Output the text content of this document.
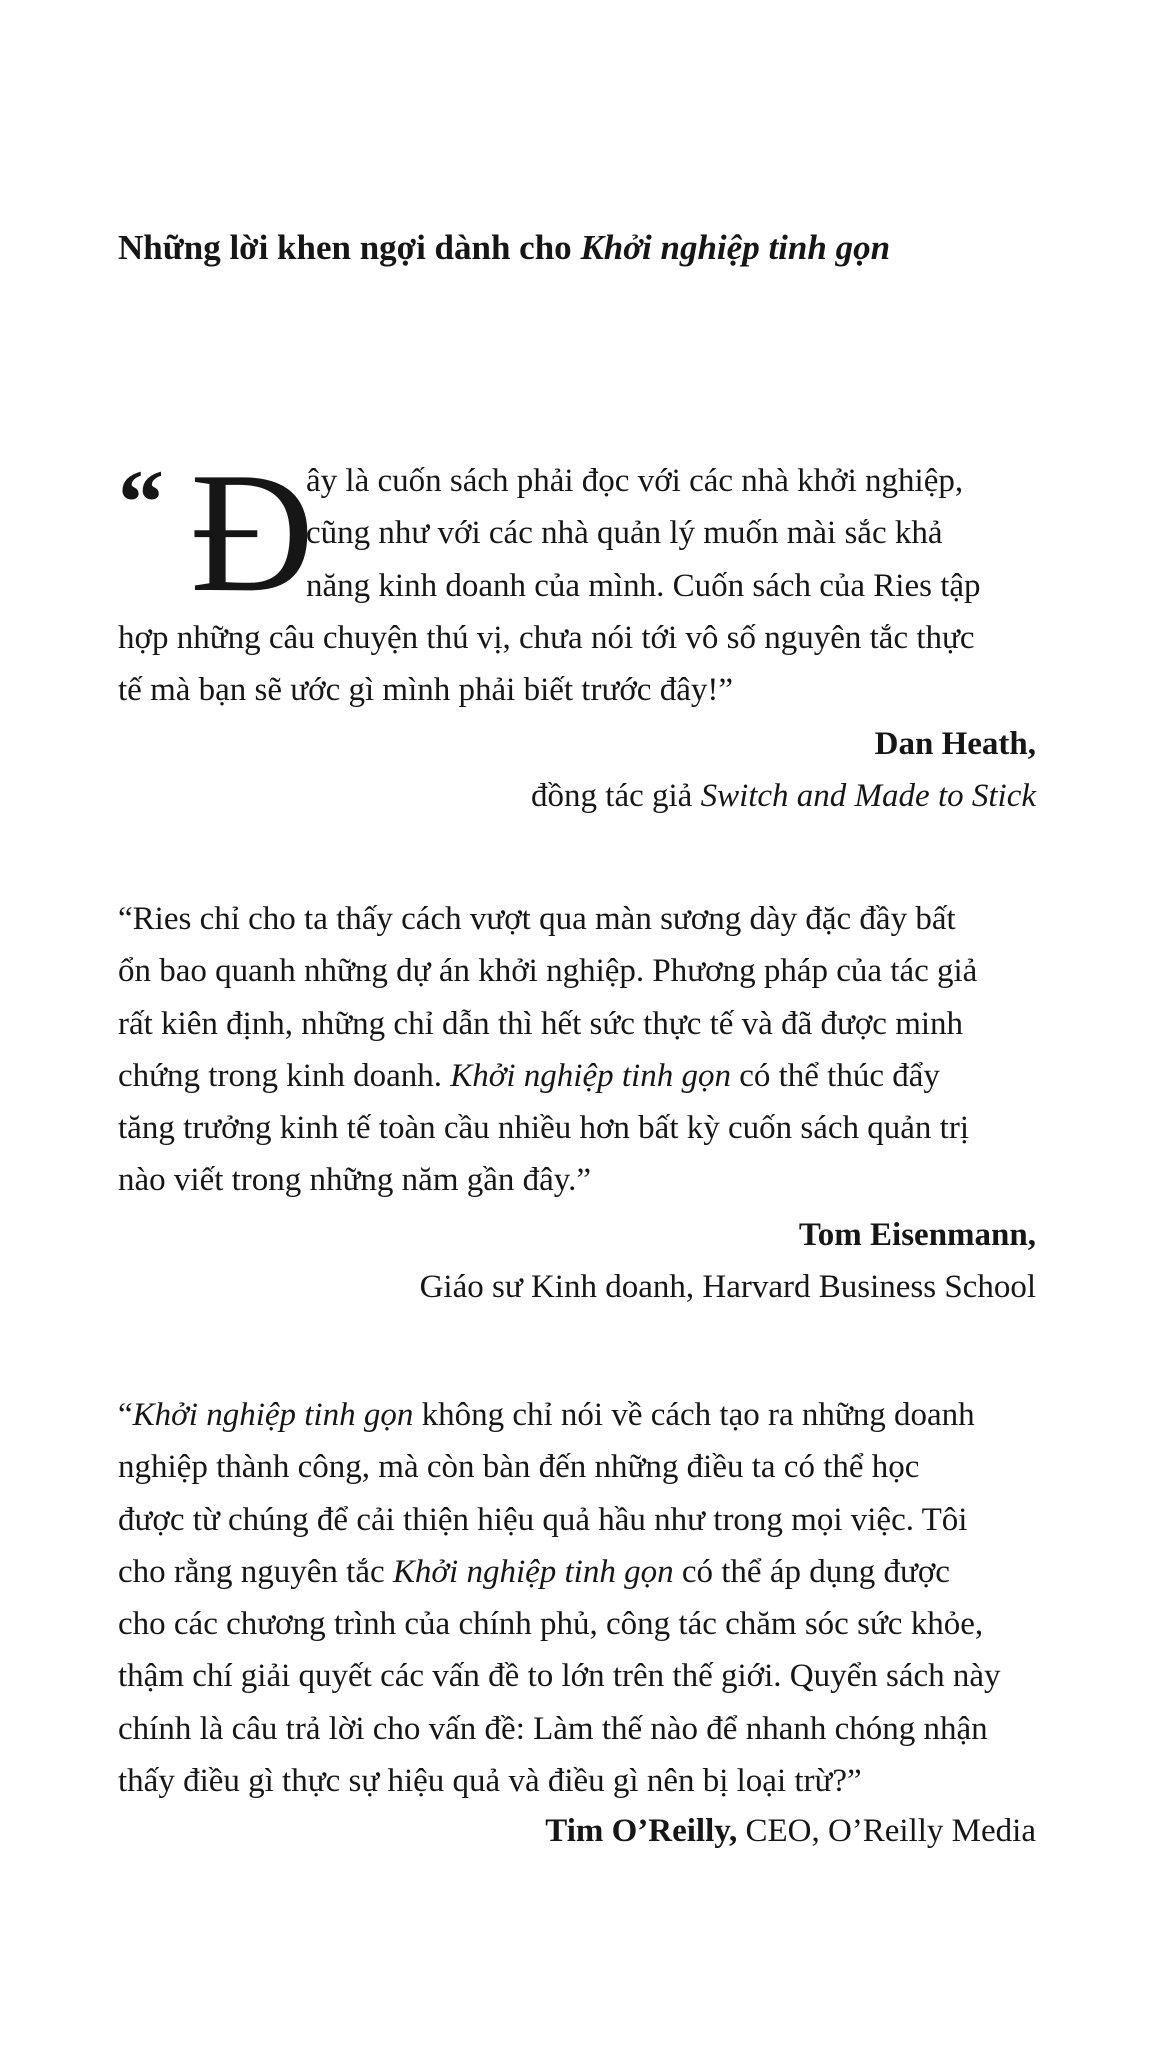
Những lời khen ngợi dành cho Khởi nghiệp tinh gọn
“ Đ

ây là cuốn sách phải đọc với các nhà khởi nghiệp,

cũng như với các nhà quản lý muốn mài sắc khả

năng kinh doanh của mình. Cuốn sách của Ries tập

hợp những câu chuyện thú vị, chưa nói tới vô số nguyên tắc thực

tế mà bạn sẽ ước gì mình phải biết trước đây!”

Dan Heath,
đồng tác giả Switch and Made to Stick

“Ries chỉ cho ta thấy cách vượt qua màn sương dày đặc đầy bất

ổn bao quanh những dự án khởi nghiệp. Phương pháp của tác giả

rất kiên định, những chỉ dẫn thì hết sức thực tế và đã được minh

chứng trong kinh doanh. Khởi nghiệp tinh gọn có thể thúc đẩy

tăng trưởng kinh tế toàn cầu nhiều hơn bất kỳ cuốn sách quản trị

nào viết trong những năm gần đây.”

Tom Eisenmann,
Giáo sư Kinh doanh, Harvard Business School

“Khởi nghiệp tinh gọn không chỉ nói về cách tạo ra những doanh

nghiệp thành công, mà còn bàn đến những điều ta có thể học

được từ chúng để cải thiện hiệu quả hầu như trong mọi việc. Tôi

cho rằng nguyên tắc Khởi nghiệp tinh gọn có thể áp dụng được

cho các chương trình của chính phủ, công tác chăm sóc sức khỏe,

thậm chí giải quyết các vấn đề to lớn trên thế giới. Quyển sách này

chính là câu trả lời cho vấn đề: Làm thế nào để nhanh chóng nhận

thấy điều gì thực sự hiệu quả và điều gì nên bị loại trừ?”

Tim O’Reilly, CEO, O’Reilly Media
